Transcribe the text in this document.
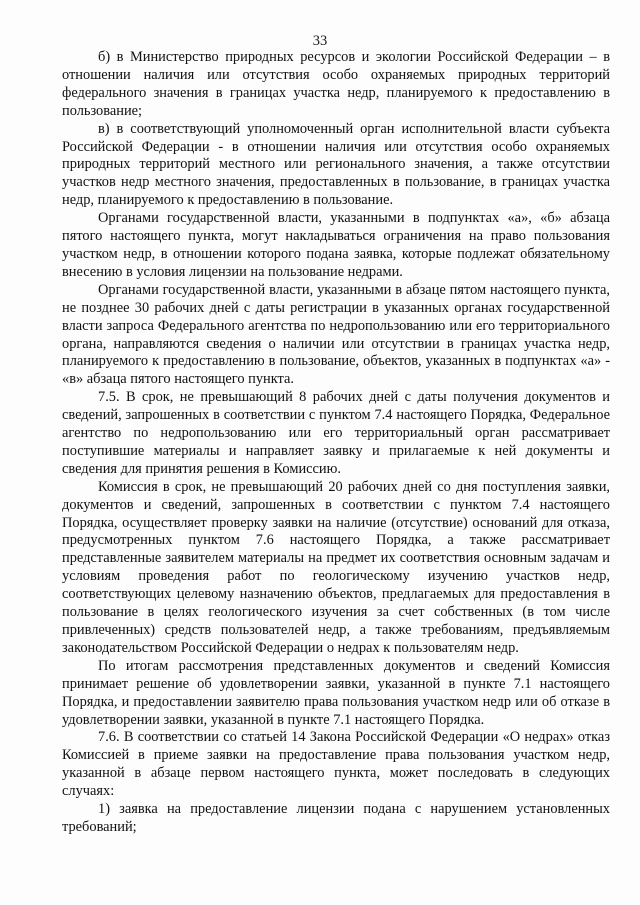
33

б) в Министерство природных ресурсов и экологии Российской Федерации – в отношении наличия или отсутствия особо охраняемых природных территорий федерального значения в границах участка недр, планируемого к предоставлению в пользование;

в) в соответствующий уполномоченный орган исполнительной власти субъекта Российской Федерации - в отношении наличия или отсутствия особо охраняемых природных территорий местного или регионального значения, а также отсутствии участков недр местного значения, предоставленных в пользование, в границах участка недр, планируемого к предоставлению в пользование.

Органами государственной власти, указанными в подпунктах «а», «б» абзаца пятого настоящего пункта, могут накладываться ограничения на право пользования участком недр, в отношении которого подана заявка, которые подлежат обязательному внесению в условия лицензии на пользование недрами.

Органами государственной власти, указанными в абзаце пятом настоящего пункта, не позднее 30 рабочих дней с даты регистрации в указанных органах государственной власти запроса Федерального агентства по недропользованию или его территориального органа, направляются сведения о наличии или отсутствии в границах участка недр, планируемого к предоставлению в пользование, объектов, указанных в подпунктах «а» - «в» абзаца пятого настоящего пункта.

7.5. В срок, не превышающий 8 рабочих дней с даты получения документов и сведений, запрошенных в соответствии с пунктом 7.4 настоящего Порядка, Федеральное агентство по недропользованию или его территориальный орган рассматривает поступившие материалы и направляет заявку и прилагаемые к ней документы и сведения для принятия решения в Комиссию.

Комиссия в срок, не превышающий 20 рабочих дней со дня поступления заявки, документов и сведений, запрошенных в соответствии с пунктом 7.4 настоящего Порядка, осуществляет проверку заявки на наличие (отсутствие) оснований для отказа, предусмотренных пунктом 7.6 настоящего Порядка, а также рассматривает представленные заявителем материалы на предмет их соответствия основным задачам и условиям проведения работ по геологическому изучению участков недр, соответствующих целевому назначению объектов, предлагаемых для предоставления в пользование в целях геологического изучения за счет собственных (в том числе привлеченных) средств пользователей недр, а также требованиям, предъявляемым законодательством Российской Федерации о недрах к пользователям недр.

По итогам рассмотрения представленных документов и сведений Комиссия принимает решение об удовлетворении заявки, указанной в пункте 7.1 настоящего Порядка, и предоставлении заявителю права пользования участком недр или об отказе в удовлетворении заявки, указанной в пункте 7.1 настоящего Порядка.

7.6. В соответствии со статьей 14 Закона Российской Федерации «О недрах» отказ Комиссией в приеме заявки на предоставление права пользования участком недр, указанной в абзаце первом настоящего пункта, может последовать в следующих случаях:

1) заявка на предоставление лицензии подана с нарушением установленных требований;
